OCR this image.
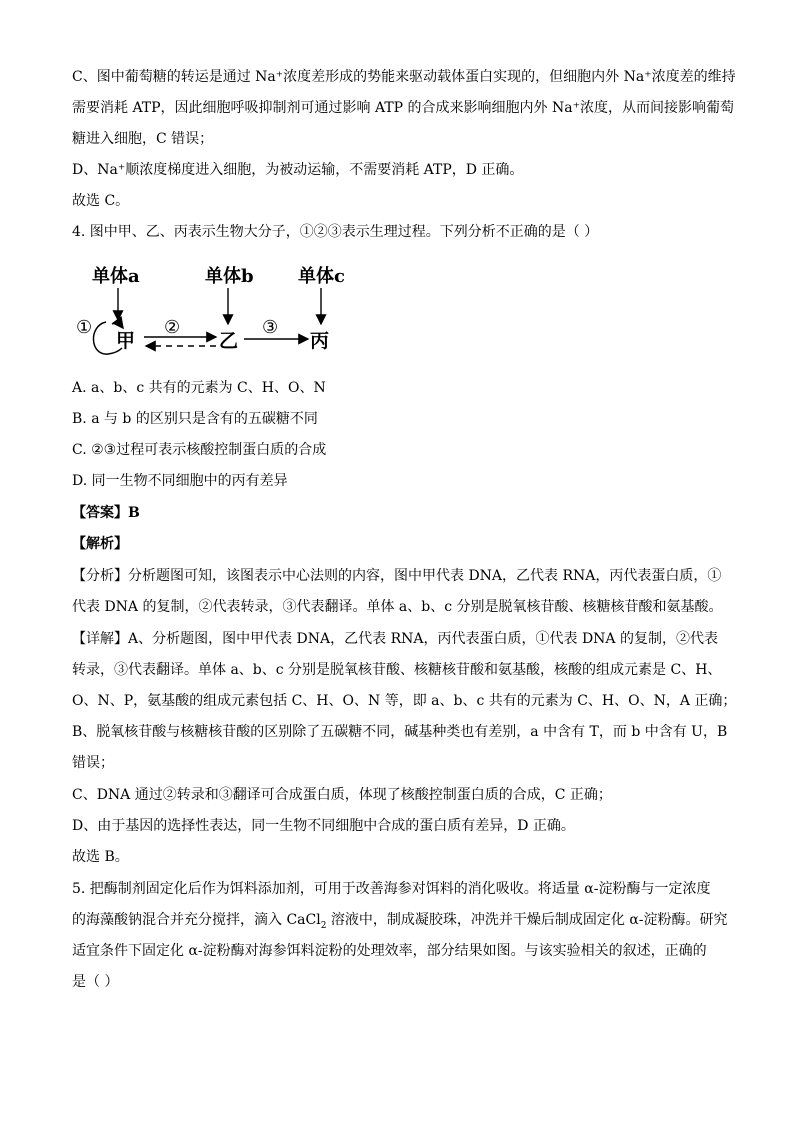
C、图中葡萄糖的转运是通过 Na⁺浓度差形成的势能来驱动载体蛋白实现的，但细胞内外 Na⁺浓度差的维持
需要消耗 ATP，因此细胞呼吸抑制剂可通过影响 ATP 的合成来影响细胞内外 Na⁺浓度，从而间接影响葡萄
糖进入细胞，C 错误；
D、Na⁺顺浓度梯度进入细胞，为被动运输，不需要消耗 ATP，D 正确。
故选 C。
4. 图中甲、乙、丙表示生物大分子，①②③表示生理过程。下列分析不正确的是（ ）
单体a	单体b 单体c
①
甲
②
乙
③
丙
A. a、b、c 共有的元素为 C、H、O、N
B. a 与 b 的区别只是含有的五碳糖不同
C. ②③过程可表示核酸控制蛋白质的合成
D. 同一生物不同细胞中的丙有差异
【答案】B
【解析】
【分析】分析题图可知，该图表示中心法则的内容，图中甲代表 DNA，乙代表 RNA，丙代表蛋白质，①
代表 DNA 的复制，②代表转录，③代表翻译。单体 a、b、c 分别是脱氧核苷酸、核糖核苷酸和氨基酸。
【详解】A、分析题图，图中甲代表 DNA，乙代表 RNA，丙代表蛋白质，①代表 DNA 的复制，②代表
转录，③代表翻译。单体 a、b、c 分别是脱氧核苷酸、核糖核苷酸和氨基酸，核酸的组成元素是 C、H、
O、N、P，氨基酸的组成元素包括 C、H、O、N 等，即 a、b、c 共有的元素为 C、H、O、N，A 正确；
B、脱氧核苷酸与核糖核苷酸的区别除了五碳糖不同，碱基种类也有差别，a 中含有 T，而 b 中含有 U，B
错误；
C、DNA 通过②转录和③翻译可合成蛋白质，体现了核酸控制蛋白质的合成，C 正确；
D、由于基因的选择性表达，同一生物不同细胞中合成的蛋白质有差异，D 正确。
故选 B。
5. 把酶制剂固定化后作为饵料添加剂，可用于改善海参对饵料的消化吸收。将适量 α-淀粉酶与一定浓度
的海藻酸钠混合并充分搅拌，滴入 CaCl$_2$ 溶液中，制成凝胶珠，冲洗并干燥后制成固定化 α-淀粉酶。研究
适宜条件下固定化 α-淀粉酶对海参饵料淀粉的处理效率，部分结果如图。与该实验相关的叙述，正确的
是（ ）
